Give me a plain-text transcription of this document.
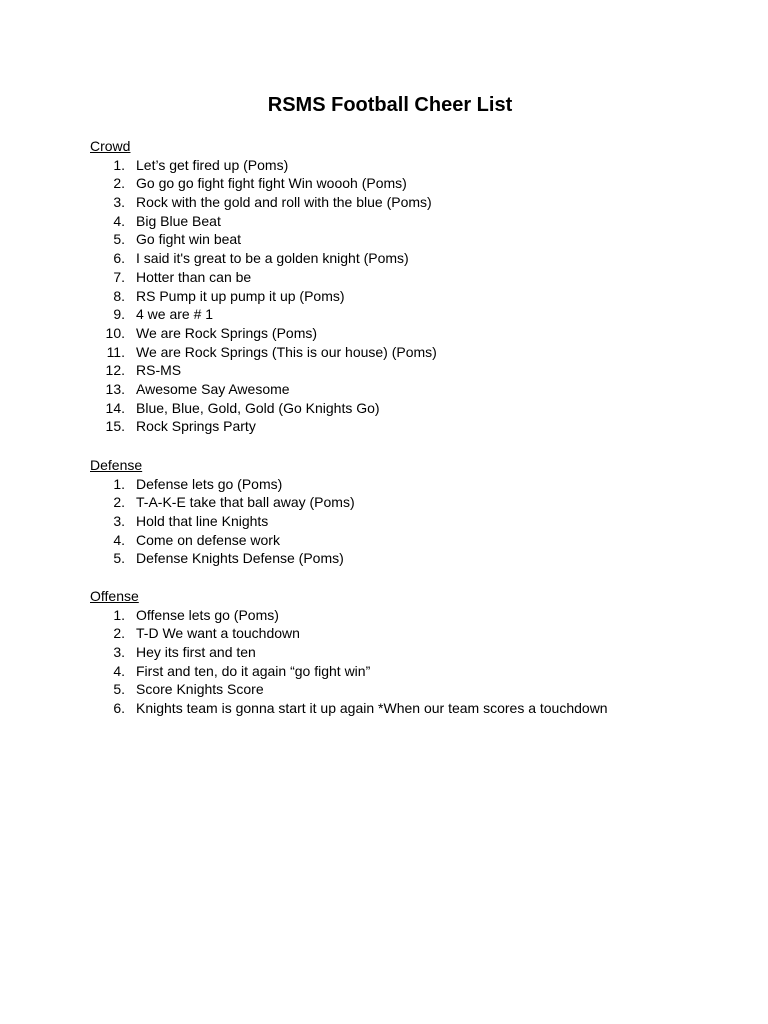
RSMS Football Cheer List
Crowd
1. Let’s get fired up (Poms)
2. Go go go fight fight fight Win woooh (Poms)
3. Rock with the gold and roll with the blue (Poms)
4. Big Blue Beat
5. Go fight win beat
6. I said it's great to be a golden knight (Poms)
7. Hotter than can be
8. RS Pump it up pump it up (Poms)
9. 4 we are # 1
10. We are Rock Springs (Poms)
11. We are Rock Springs (This is our house) (Poms)
12. RS-MS
13. Awesome Say Awesome
14. Blue, Blue, Gold, Gold (Go Knights Go)
15. Rock Springs Party
Defense
1. Defense lets go (Poms)
2. T-A-K-E take that ball away (Poms)
3. Hold that line Knights
4. Come on defense work
5. Defense Knights Defense (Poms)
Offense
1. Offense lets go (Poms)
2. T-D We want a touchdown
3. Hey its first and ten
4. First and ten, do it again “go fight win”
5. Score Knights Score
6. Knights team is gonna start it up again *When our team scores a touchdown
